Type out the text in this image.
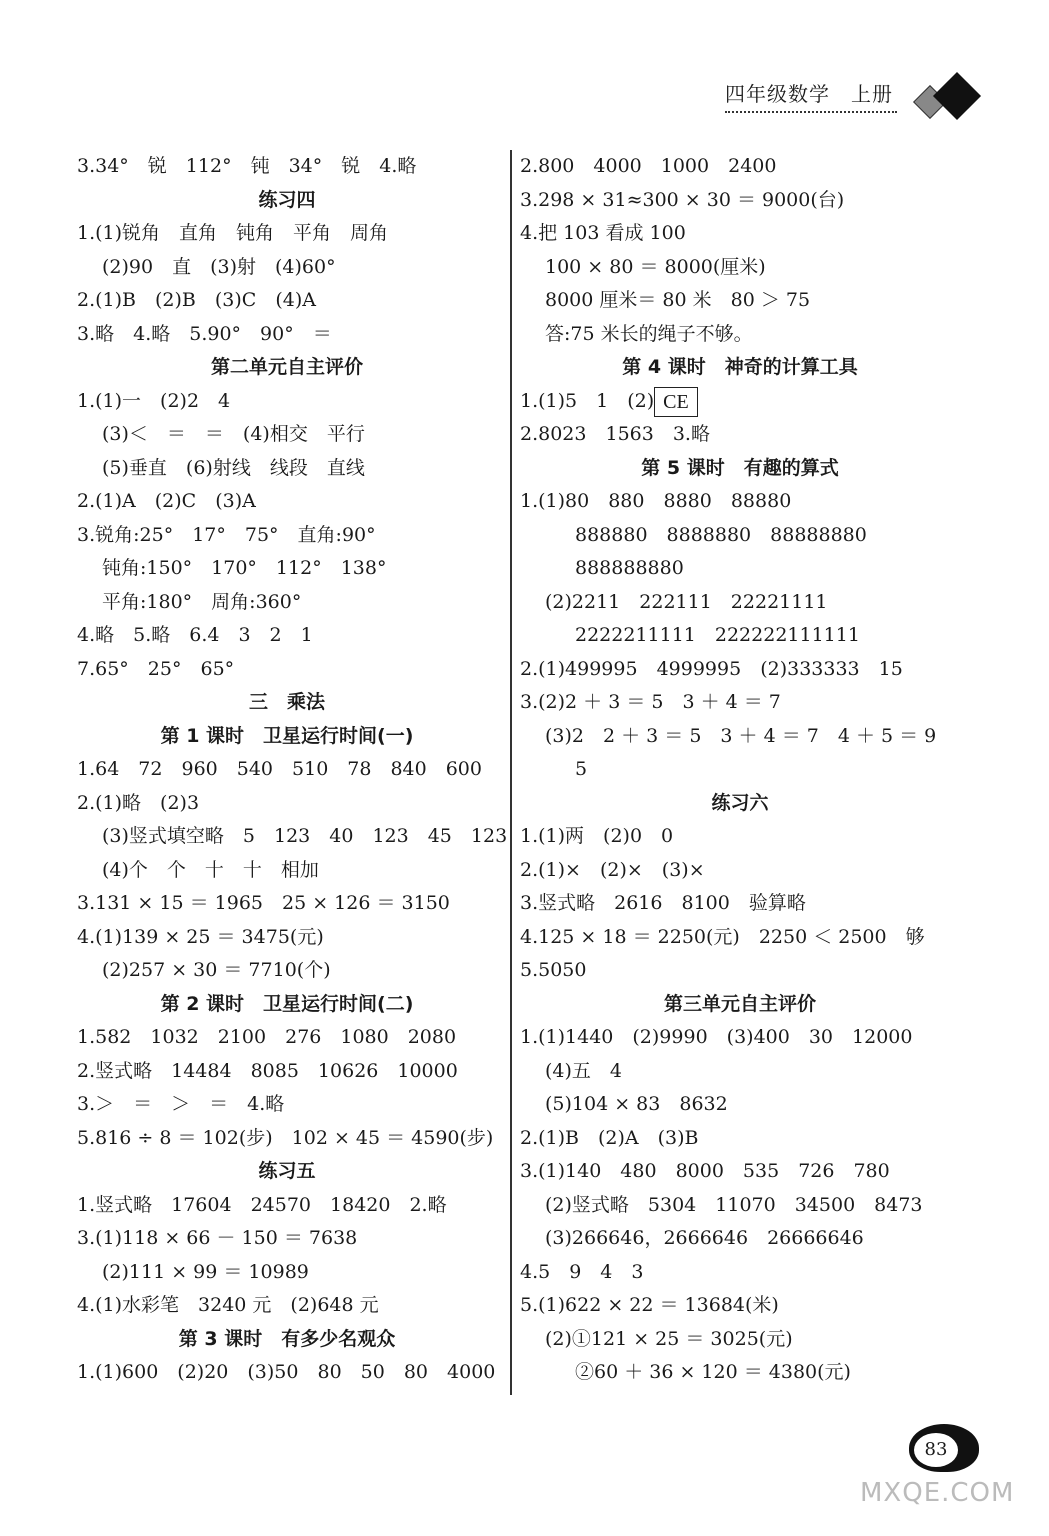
四年级数学　上册
3.34°　锐　112°　钝　34°　锐　4.略
练习四
1.(1)锐角　直角　钝角　平角　周角
(2)90　直　(3)射　(4)60°
2.(1)B　(2)B　(3)C　(4)A
3.略　4.略　5.90°　90°　＝
第二单元自主评价
1.(1)一　(2)2　4
(3)＜　＝　＝　(4)相交　平行
(5)垂直　(6)射线　线段　直线
2.(1)A　(2)C　(3)A
3.锐角:25°　17°　75°　直角:90°
钝角:150°　170°　112°　138°
平角:180°　周角:360°
4.略　5.略　6.4　3　2　1
7.65°　25°　65°
三　乘法
第 1 课时　卫星运行时间(一)
1.64　72　960　540　510　78　840　600
2.(1)略　(2)3
(3)竖式填空略　5　123　40　123　45　123
(4)个　个　十　十　相加
3.131 × 15 ＝ 1965　25 × 126 ＝ 3150
4.(1)139 × 25 ＝ 3475(元)
(2)257 × 30 ＝ 7710(个)
第 2 课时　卫星运行时间(二)
1.582　1032　2100　276　1080　2080
2.竖式略　14484　8085　10626　10000
3.＞　＝　＞　＝　4.略
5.816 ÷ 8 ＝ 102(步)　102 × 45 ＝ 4590(步)
练习五
1.竖式略　17604　24570　18420　2.略
3.(1)118 × 66 － 150 ＝ 7638
(2)111 × 99 ＝ 10989
4.(1)水彩笔　3240 元　(2)648 元
第 3 课时　有多少名观众
1.(1)600　(2)20　(3)50　80　50　80　4000
2.800　4000　1000　2400
3.298 × 31≈300 × 30 ＝ 9000(台)
4.把 103 看成 100
100 × 80 ＝ 8000(厘米)
8000 厘米＝ 80 米　80 ＞ 75
答:75 米长的绳子不够。
第 4 课时　神奇的计算工具
1.(1)5　1　(2) CE
2.8023　1563　3.略
第 5 课时　有趣的算式
1.(1)80　880　8880　88880
888880　8888880　88888880
888888880
(2)2211　222111　22221111
2222211111　222222111111
2.(1)499995　4999995　(2)333333　15
3.(2)2 ＋ 3 ＝ 5　3 ＋ 4 ＝ 7
(3)2　2 ＋ 3 ＝ 5　3 ＋ 4 ＝ 7　4 ＋ 5 ＝ 9
5
练习六
1.(1)两　(2)0　0
2.(1)×　(2)×　(3)×
3.竖式略　2616　8100　验算略
4.125 × 18 ＝ 2250(元)　2250 ＜ 2500　够
5.5050
第三单元自主评价
1.(1)1440　(2)9990　(3)400　30　12000
(4)五　4
(5)104 × 83　8632
2.(1)B　(2)A　(3)B
3.(1)140　480　8000　535　726　780
(2)竖式略　5304　11070　34500　8473
(3)266646，2666646　26666646
4.5　9　4　3
5.(1)622 × 22 ＝ 13684(米)
(2)①121 × 25 ＝ 3025(元)
②60 ＋ 36 × 120 ＝ 4380(元)
83
MXQE.COM
